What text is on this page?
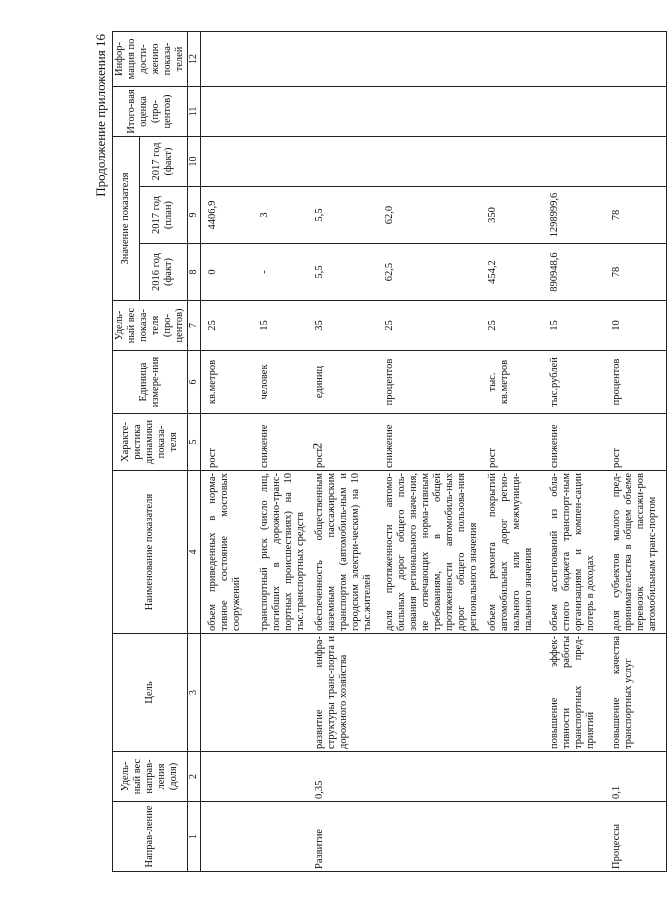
2
Продолжение приложения 16
Направ-ление	Удель-ный вес направ-ления (доля)	Цель	Наименование показателя	Характе-ристика динамики показа-теля	Единица измере-ния	Удель-ный вес показа-теля (про-центов)	Значение показателя			Итого-вая оценка (про-центов)	Инфор-мация по дости-жению показа-телей
							2016 год (факт)	2017 год (план)	2017 год (факт)		
1	2	3	4	5	6	7	8	9	10	11	12
			объем приведенных в норма-тивное состояние мостовых сооружений	рост	кв.метров	25	0	4406,9			
			транспортный риск (число лиц, погибших в дорожно-транс-портных происшествиях) на 10 тыс.транспортных средств	снижение	человек	15	-	3			
Развитие	0,35	развитие инфра-структуры транс-порта и дорожного хозяйства	обеспеченность общественным наземным пассажирским транспортом (автомобиль-ным и городским электри-ческим) на 10 тыс.жителей	рост	единиц	35	5,5	5,5			
			доля протяженности автомо-бильных дорог общего поль-зования регионального значе-ния, не отвечающих норма-тивным требованиям, в общей протяженности автомобиль-ных дорог общего пользова-ния регионального значения	снижение	процентов	25	62,5	62,0			
			объем ремонта покрытий автомобильных дорог регио-нального или межмуници-пального значения	рост	тыс. кв.метров	25	454,2	350			
		повышение эффек-тивности работы транспортных пред-приятий	объем ассигнований из обла-стного бюджета транспорт-ным организациям и компен-сации потерь в доходах	снижение	тыс.рублей	15	890948,6	1298999,6			
Процессы	0,1	повышение качества транспортных услуг	доля субъектов малого пред-принимательства в общем объеме перевозок пассажи-ров автомобильным транс-портом	рост	процентов	10	78	78			
